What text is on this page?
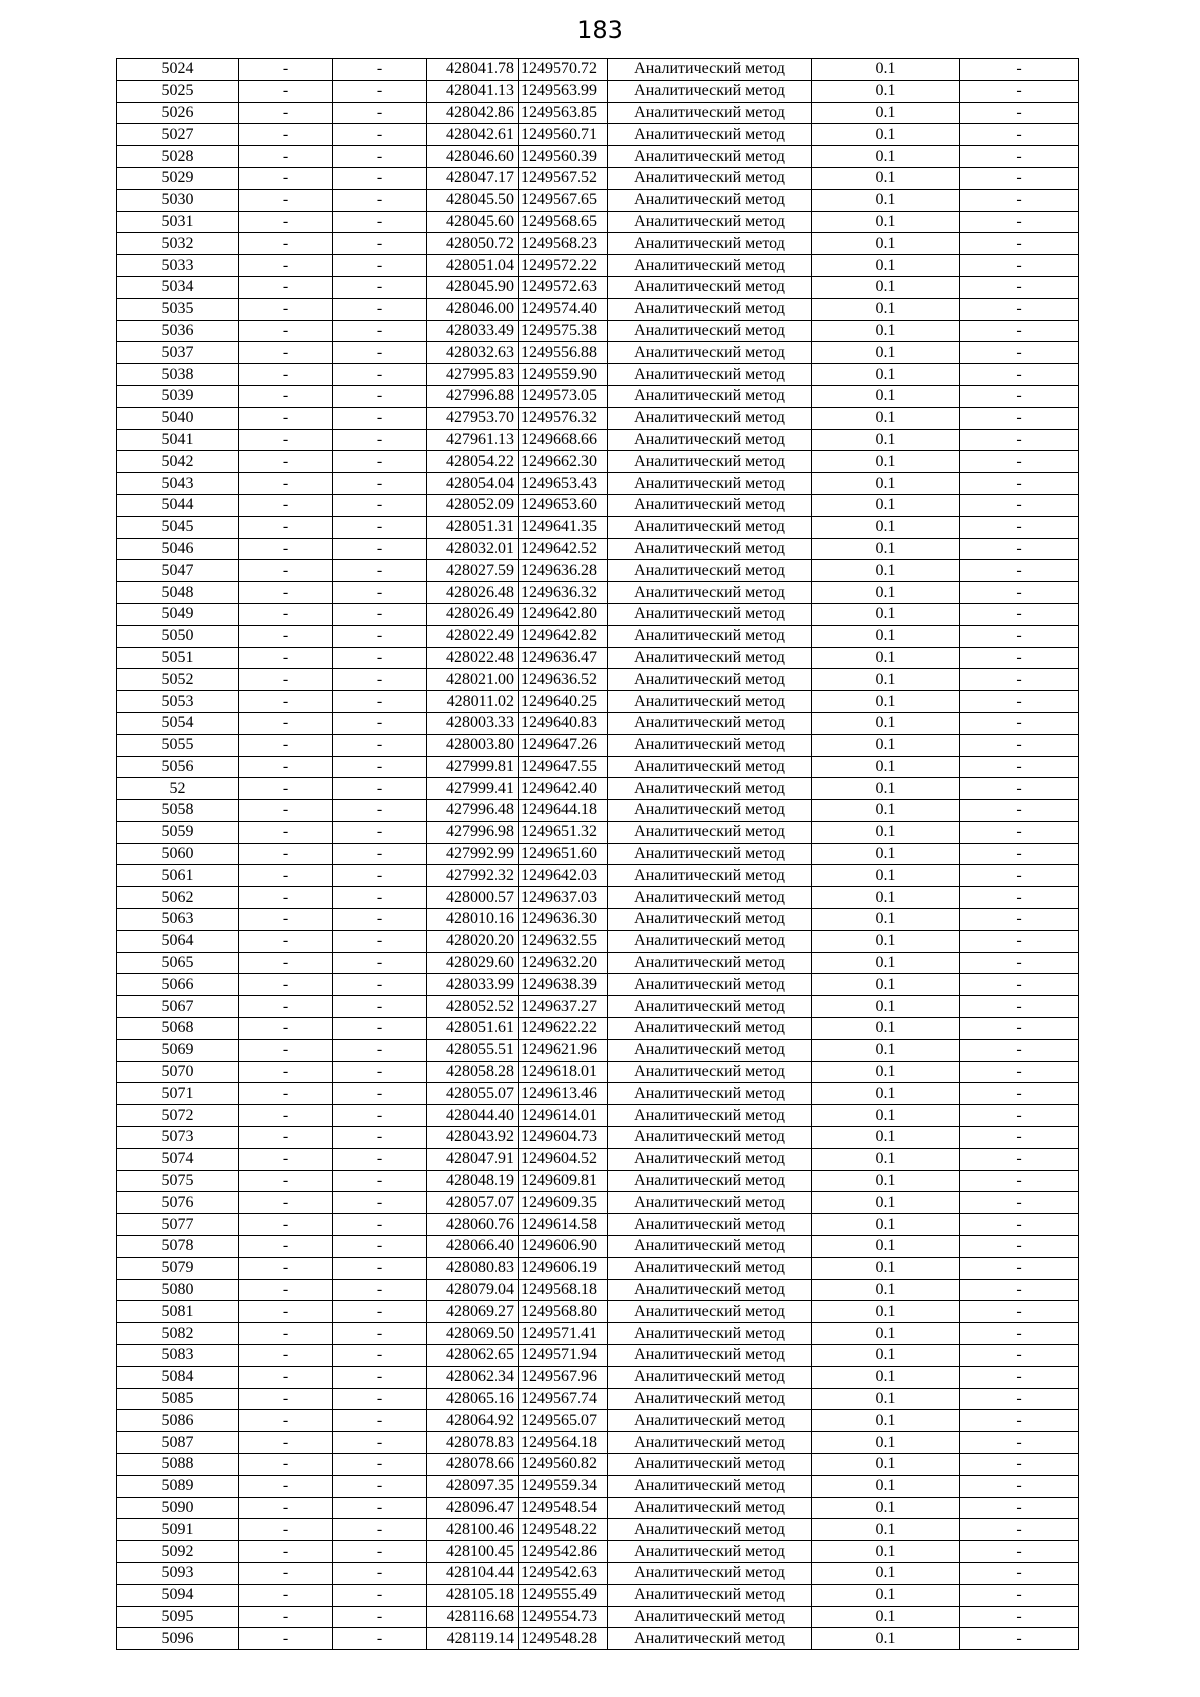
183
5024	-	-	428041.78	1249570.72	Аналитический метод	0.1	-
5025	-	-	428041.13	1249563.99	Аналитический метод	0.1	-
5026	-	-	428042.86	1249563.85	Аналитический метод	0.1	-
5027	-	-	428042.61	1249560.71	Аналитический метод	0.1	-
5028	-	-	428046.60	1249560.39	Аналитический метод	0.1	-
5029	-	-	428047.17	1249567.52	Аналитический метод	0.1	-
5030	-	-	428045.50	1249567.65	Аналитический метод	0.1	-
5031	-	-	428045.60	1249568.65	Аналитический метод	0.1	-
5032	-	-	428050.72	1249568.23	Аналитический метод	0.1	-
5033	-	-	428051.04	1249572.22	Аналитический метод	0.1	-
5034	-	-	428045.90	1249572.63	Аналитический метод	0.1	-
5035	-	-	428046.00	1249574.40	Аналитический метод	0.1	-
5036	-	-	428033.49	1249575.38	Аналитический метод	0.1	-
5037	-	-	428032.63	1249556.88	Аналитический метод	0.1	-
5038	-	-	427995.83	1249559.90	Аналитический метод	0.1	-
5039	-	-	427996.88	1249573.05	Аналитический метод	0.1	-
5040	-	-	427953.70	1249576.32	Аналитический метод	0.1	-
5041	-	-	427961.13	1249668.66	Аналитический метод	0.1	-
5042	-	-	428054.22	1249662.30	Аналитический метод	0.1	-
5043	-	-	428054.04	1249653.43	Аналитический метод	0.1	-
5044	-	-	428052.09	1249653.60	Аналитический метод	0.1	-
5045	-	-	428051.31	1249641.35	Аналитический метод	0.1	-
5046	-	-	428032.01	1249642.52	Аналитический метод	0.1	-
5047	-	-	428027.59	1249636.28	Аналитический метод	0.1	-
5048	-	-	428026.48	1249636.32	Аналитический метод	0.1	-
5049	-	-	428026.49	1249642.80	Аналитический метод	0.1	-
5050	-	-	428022.49	1249642.82	Аналитический метод	0.1	-
5051	-	-	428022.48	1249636.47	Аналитический метод	0.1	-
5052	-	-	428021.00	1249636.52	Аналитический метод	0.1	-
5053	-	-	428011.02	1249640.25	Аналитический метод	0.1	-
5054	-	-	428003.33	1249640.83	Аналитический метод	0.1	-
5055	-	-	428003.80	1249647.26	Аналитический метод	0.1	-
5056	-	-	427999.81	1249647.55	Аналитический метод	0.1	-
52	-	-	427999.41	1249642.40	Аналитический метод	0.1	-
5058	-	-	427996.48	1249644.18	Аналитический метод	0.1	-
5059	-	-	427996.98	1249651.32	Аналитический метод	0.1	-
5060	-	-	427992.99	1249651.60	Аналитический метод	0.1	-
5061	-	-	427992.32	1249642.03	Аналитический метод	0.1	-
5062	-	-	428000.57	1249637.03	Аналитический метод	0.1	-
5063	-	-	428010.16	1249636.30	Аналитический метод	0.1	-
5064	-	-	428020.20	1249632.55	Аналитический метод	0.1	-
5065	-	-	428029.60	1249632.20	Аналитический метод	0.1	-
5066	-	-	428033.99	1249638.39	Аналитический метод	0.1	-
5067	-	-	428052.52	1249637.27	Аналитический метод	0.1	-
5068	-	-	428051.61	1249622.22	Аналитический метод	0.1	-
5069	-	-	428055.51	1249621.96	Аналитический метод	0.1	-
5070	-	-	428058.28	1249618.01	Аналитический метод	0.1	-
5071	-	-	428055.07	1249613.46	Аналитический метод	0.1	-
5072	-	-	428044.40	1249614.01	Аналитический метод	0.1	-
5073	-	-	428043.92	1249604.73	Аналитический метод	0.1	-
5074	-	-	428047.91	1249604.52	Аналитический метод	0.1	-
5075	-	-	428048.19	1249609.81	Аналитический метод	0.1	-
5076	-	-	428057.07	1249609.35	Аналитический метод	0.1	-
5077	-	-	428060.76	1249614.58	Аналитический метод	0.1	-
5078	-	-	428066.40	1249606.90	Аналитический метод	0.1	-
5079	-	-	428080.83	1249606.19	Аналитический метод	0.1	-
5080	-	-	428079.04	1249568.18	Аналитический метод	0.1	-
5081	-	-	428069.27	1249568.80	Аналитический метод	0.1	-
5082	-	-	428069.50	1249571.41	Аналитический метод	0.1	-
5083	-	-	428062.65	1249571.94	Аналитический метод	0.1	-
5084	-	-	428062.34	1249567.96	Аналитический метод	0.1	-
5085	-	-	428065.16	1249567.74	Аналитический метод	0.1	-
5086	-	-	428064.92	1249565.07	Аналитический метод	0.1	-
5087	-	-	428078.83	1249564.18	Аналитический метод	0.1	-
5088	-	-	428078.66	1249560.82	Аналитический метод	0.1	-
5089	-	-	428097.35	1249559.34	Аналитический метод	0.1	-
5090	-	-	428096.47	1249548.54	Аналитический метод	0.1	-
5091	-	-	428100.46	1249548.22	Аналитический метод	0.1	-
5092	-	-	428100.45	1249542.86	Аналитический метод	0.1	-
5093	-	-	428104.44	1249542.63	Аналитический метод	0.1	-
5094	-	-	428105.18	1249555.49	Аналитический метод	0.1	-
5095	-	-	428116.68	1249554.73	Аналитический метод	0.1	-
5096	-	-	428119.14	1249548.28	Аналитический метод	0.1	-
